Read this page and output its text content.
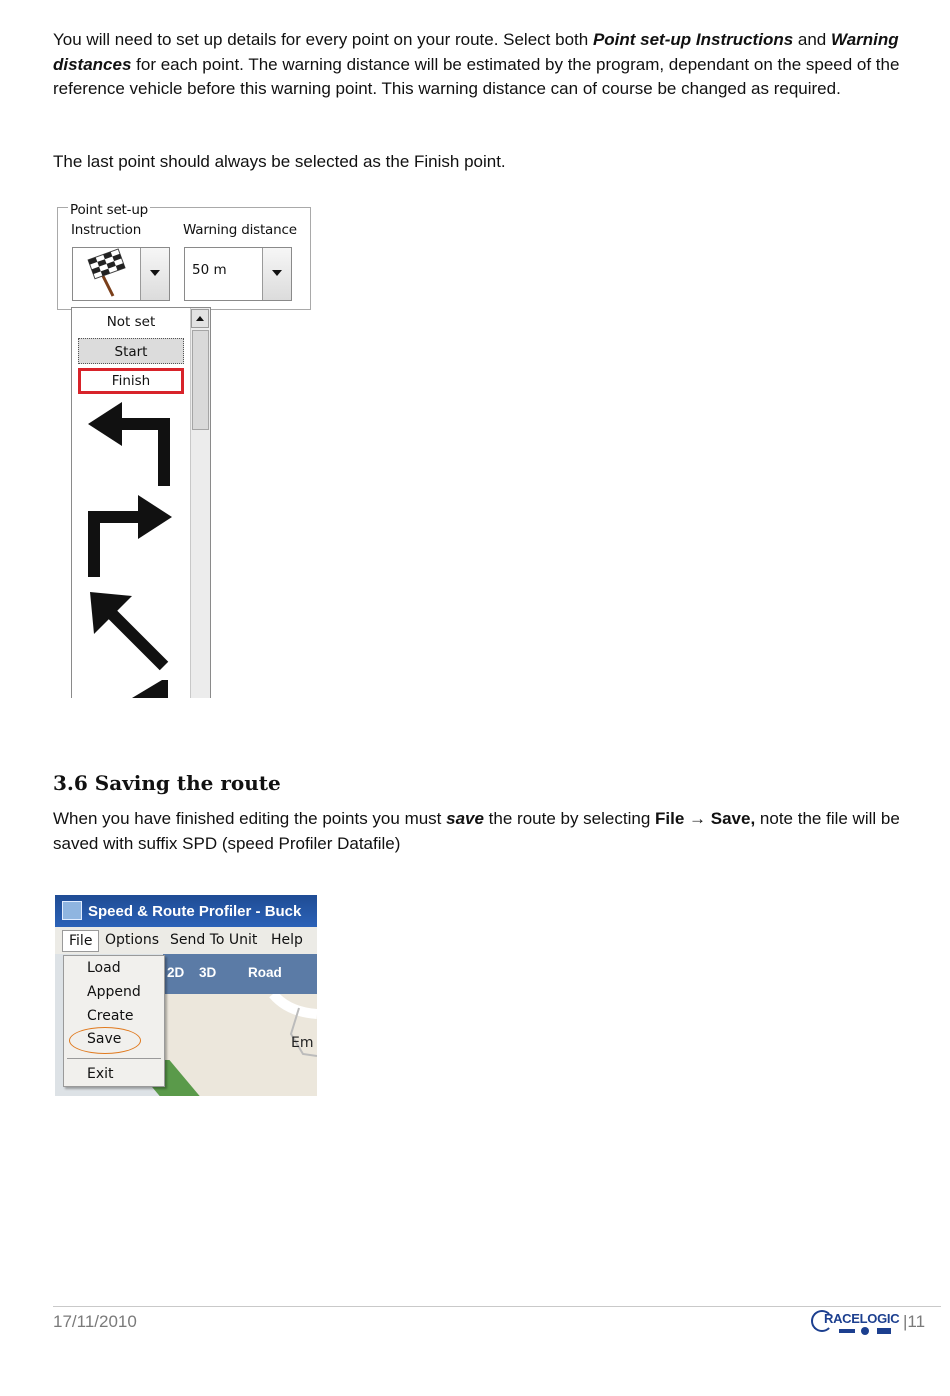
You will need to set up details for every point on your route. Select both Point set-up Instructions and Warning distances for each point. The warning distance will be estimated by the program, dependant on the speed of the reference vehicle before this warning point. This warning distance can of course be changed as required.

The last point should always be selected as the Finish point.

Point set-up
Instruction	Warning distance
50 m
Not set
Start
Finish
3.6 Saving the route

When you have finished editing the points you must save the route by selecting File → Save, note the file will be saved with suffix SPD (speed Profiler Datafile)

Speed & Route Profiler - Buck
File Options Send To Unit Help
2D 3D Road
Em
Load
Append
Create
Save
Exit
17/11/2010	RACELOGIC |11
